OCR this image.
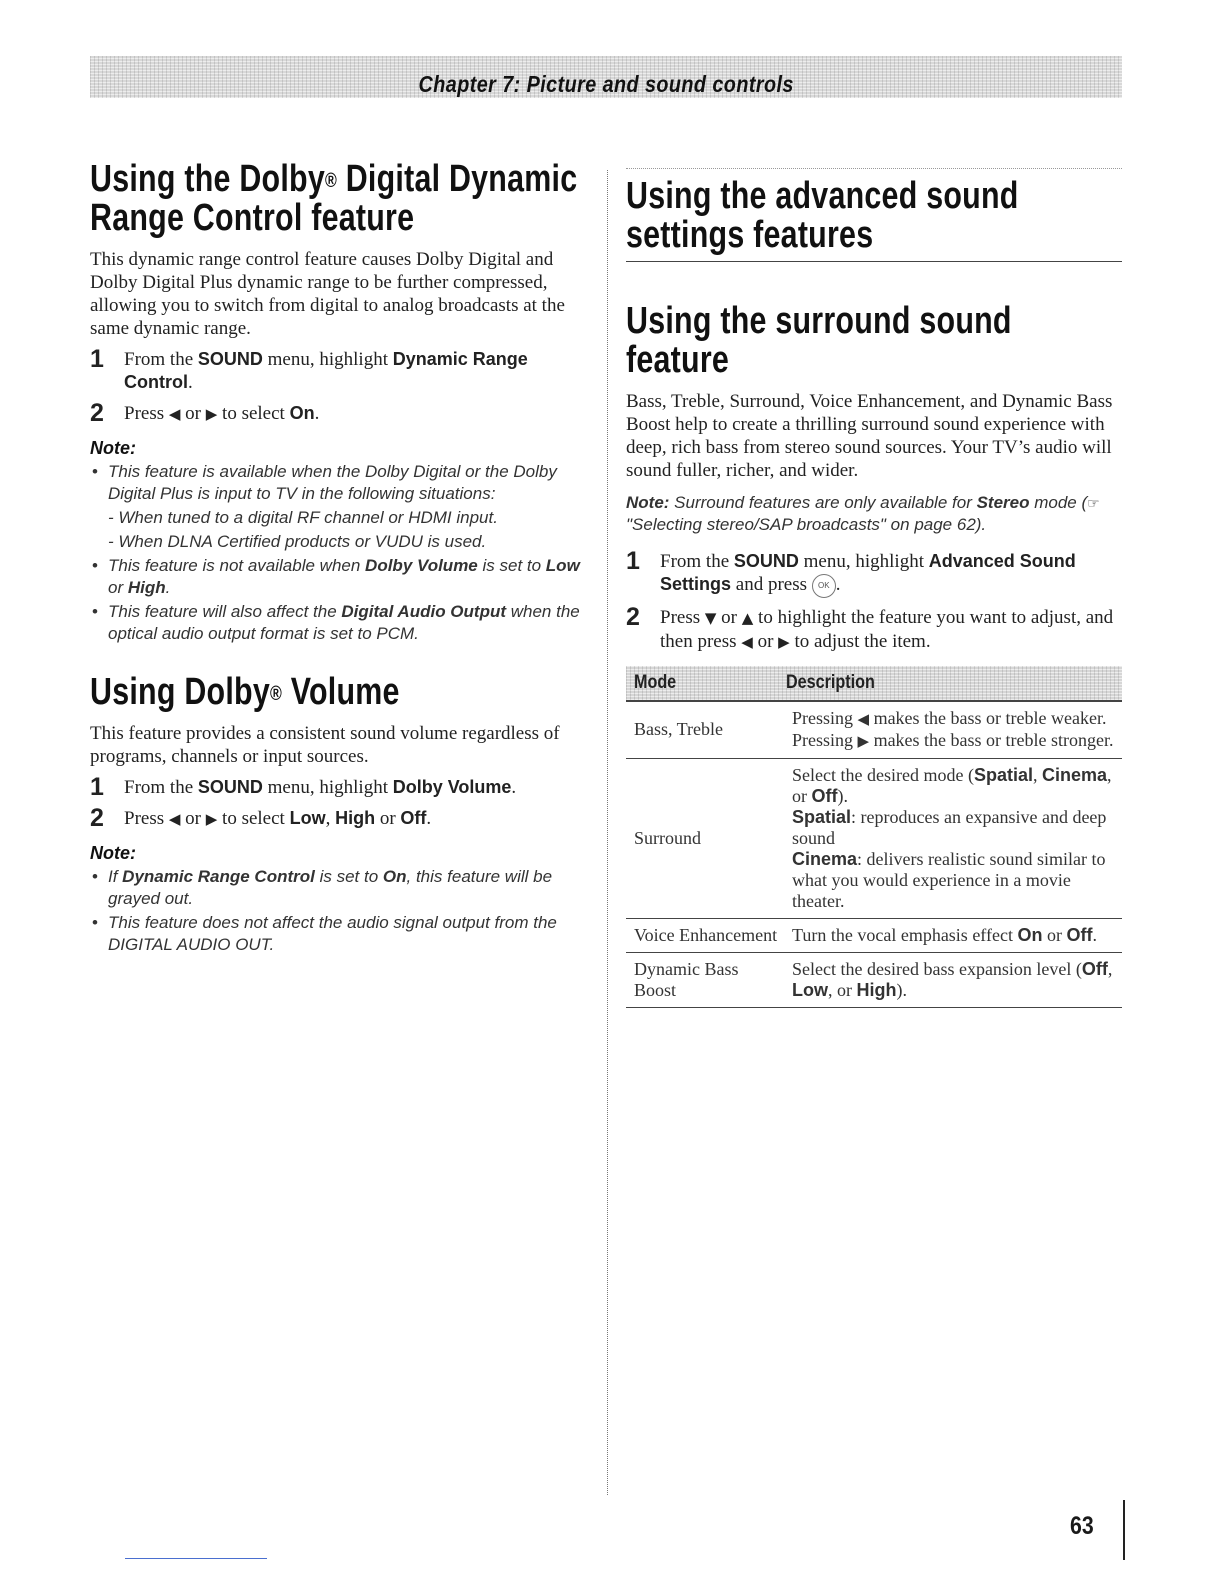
Chapter 7: Picture and sound controls
Using the Dolby® Digital Dynamic Range Control feature

This dynamic range control feature causes Dolby Digital and Dolby Digital Plus dynamic range to be further compressed, allowing you to switch from digital to analog broadcasts at the same dynamic range.

1	From the SOUND menu, highlight Dynamic Range Control.
2	Press ◀ or ▶ to select On.
Note:
• This feature is available when the Dolby Digital or the Dolby Digital Plus is input to TV in the following situations:
- When tuned to a digital RF channel or HDMI input.
- When DLNA Certified products or VUDU is used.
• This feature is not available when Dolby Volume is set to Low or High.
• This feature will also affect the Digital Audio Output when the optical audio output format is set to PCM.
Using Dolby® Volume

This feature provides a consistent sound volume regardless of programs, channels or input sources.

1	From the SOUND menu, highlight Dolby Volume.
2	Press ◀ or ▶ to select Low, High or Off.
Note:
• If Dynamic Range Control is set to On, this feature will be grayed out.
• This feature does not affect the audio signal output from the DIGITAL AUDIO OUT.
Using the advanced sound settings features
Using the surround sound feature

Bass, Treble, Surround, Voice Enhancement, and Dynamic Bass Boost help to create a thrilling surround sound experience with deep, rich bass from stereo sound sources. Your TV’s audio will sound fuller, richer, and wider.

Note: Surround features are only available for Stereo mode (☞ "Selecting stereo/SAP broadcasts" on page 62).

1	From the SOUND menu, highlight Advanced Sound Settings and press OK .
2	Press ▼ or ▲ to highlight the feature you want to adjust, and then press ◀ or ▶ to adjust the item.
Mode	Description
Bass, Treble	Pressing ◀ makes the bass or treble weaker.
Pressing ▶ makes the bass or treble stronger.

Surround	Select the desired mode (Spatial, Cinema, or Off).
Spatial: reproduces an expansive and deep sound
Cinema: delivers realistic sound similar to what you would experience in a movie theater.

Voice Enhancement	Turn the vocal emphasis effect On or Off.
Dynamic Bass Boost	Select the desired bass expansion level (Off, Low, or High).
63
